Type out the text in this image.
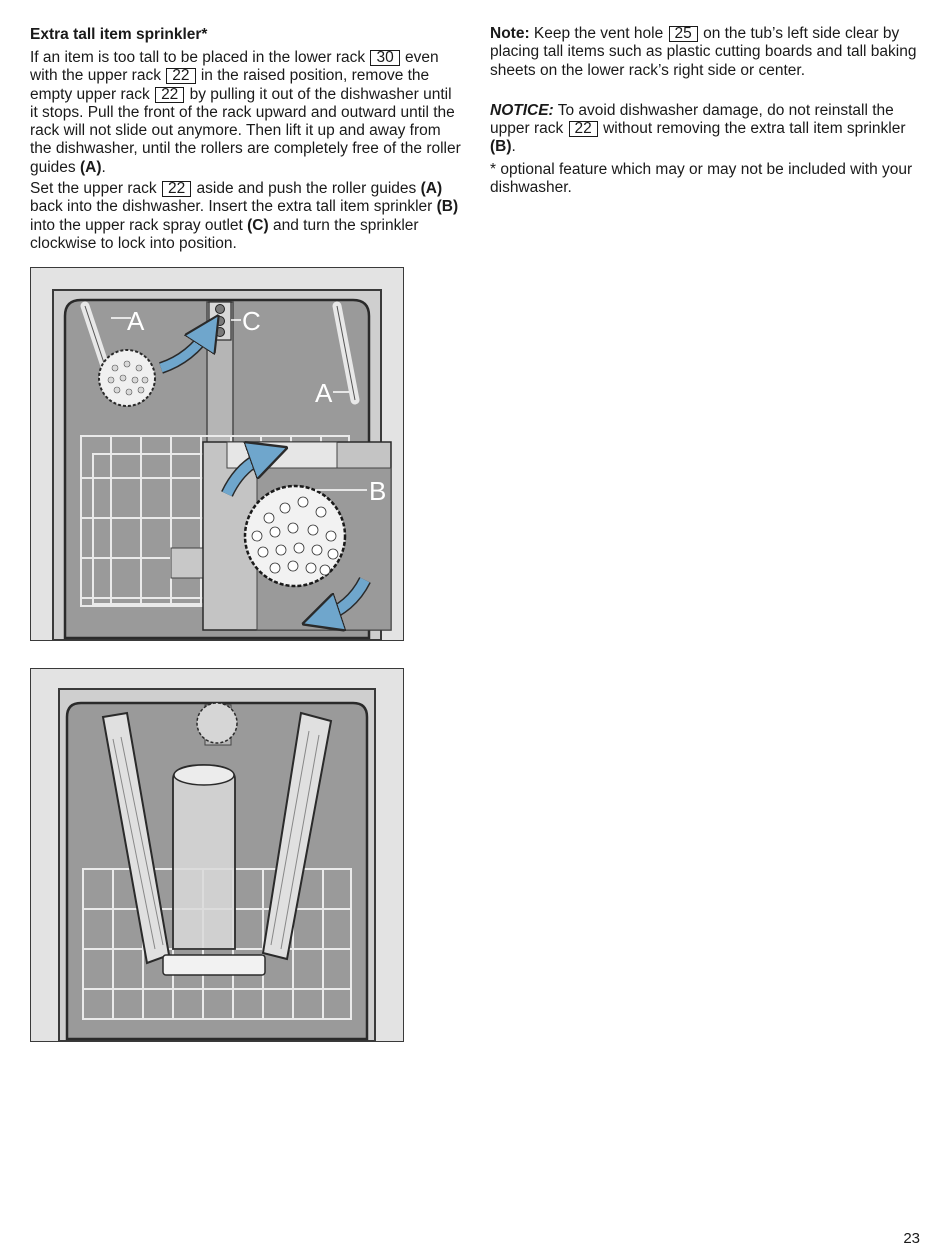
Extra tall item sprinkler*

If an item is too tall to be placed in the lower rack 30 even with the upper rack 22 in the raised position, remove the empty upper rack 22 by pulling it out of the dishwasher until it stops. Pull the front of the rack upward and outward until the rack will not slide out anymore. Then lift it up and away from the dishwasher, until the rollers are completely free of the roller guides (A).

Set the upper rack 22 aside and push the roller guides (A) back into the dishwasher. Insert the extra tall item sprinkler (B) into the upper rack spray outlet (C) and turn the sprinkler clockwise to lock into position.

Note: Keep the vent hole 25 on the tub’s left side clear by placing tall items such as plastic cutting boards and tall baking sheets on the lower rack’s right side or center.

NOTICE: To avoid dishwasher damage, do not reinstall the upper rack 22 without removing the extra tall item sprinkler (B).

* optional feature which may or may not be included with your dishwasher.

C
A
A
B
23
